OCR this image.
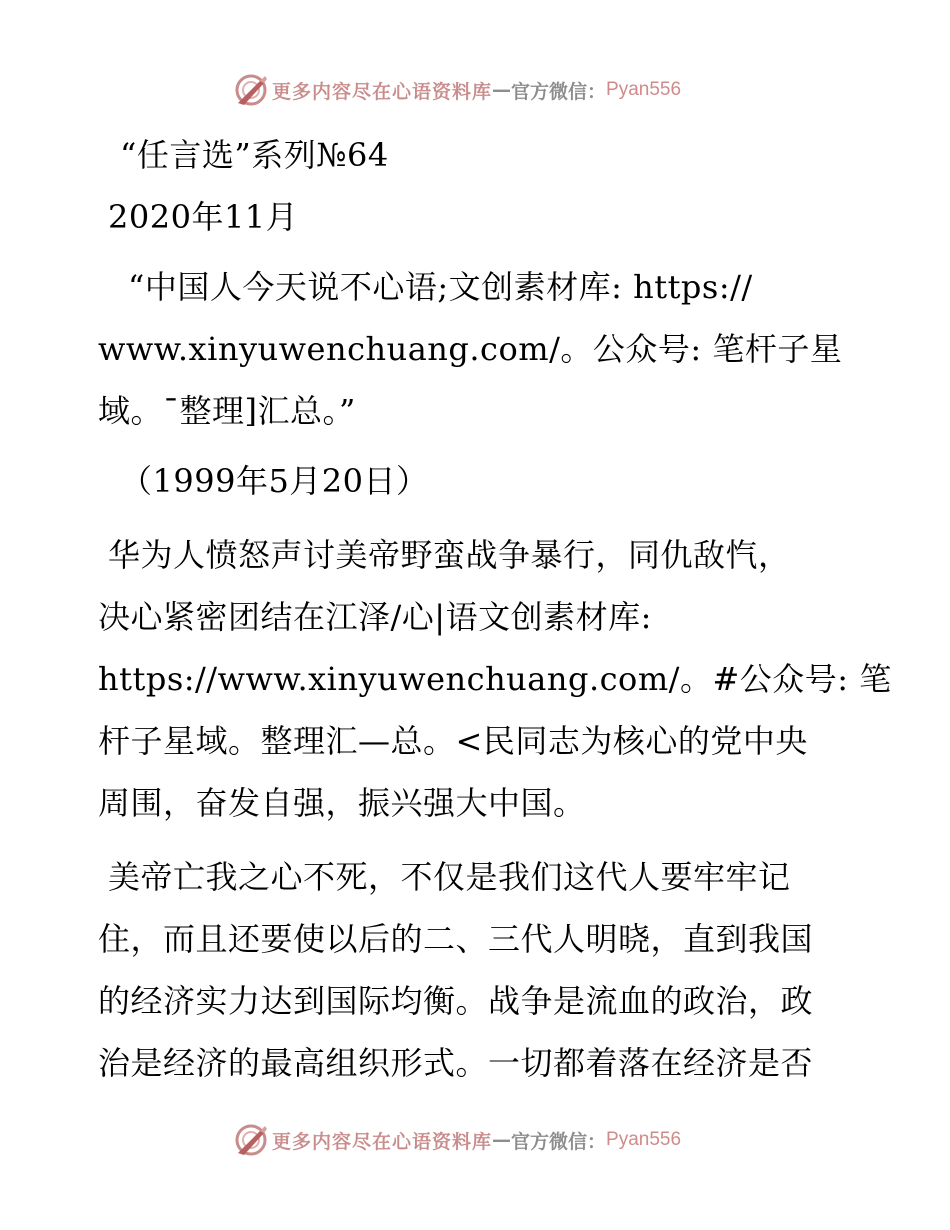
更多内容尽在心语资料库 — 官方微信： Pyan556
“任言选”系列№64
2020年11月
“中国人今天说不心语;文创素材库: https://
www.xinyuwenchuang.com/。公众号: 笔杆子星
域。¯整理]汇总。”
（1999年5月20日）
华为人愤怒声讨美帝野蛮战争暴行，同仇敌忾，
决心紧密团结在江泽/心|语文创素材库:
https://www.xinyuwenchuang.com/。#公众号: 笔
杆子星域。整理汇—总。<民同志为核心的党中央
周围，奋发自强，振兴强大中国。
美帝亡我之心不死，不仅是我们这代人要牢牢记
住，而且还要使以后的二、三代人明晓，直到我国
的经济实力达到国际均衡。战争是流血的政治，政
治是经济的最高组织形式。一切都着落在经济是否
更多内容尽在心语资料库 — 官方微信： Pyan556
